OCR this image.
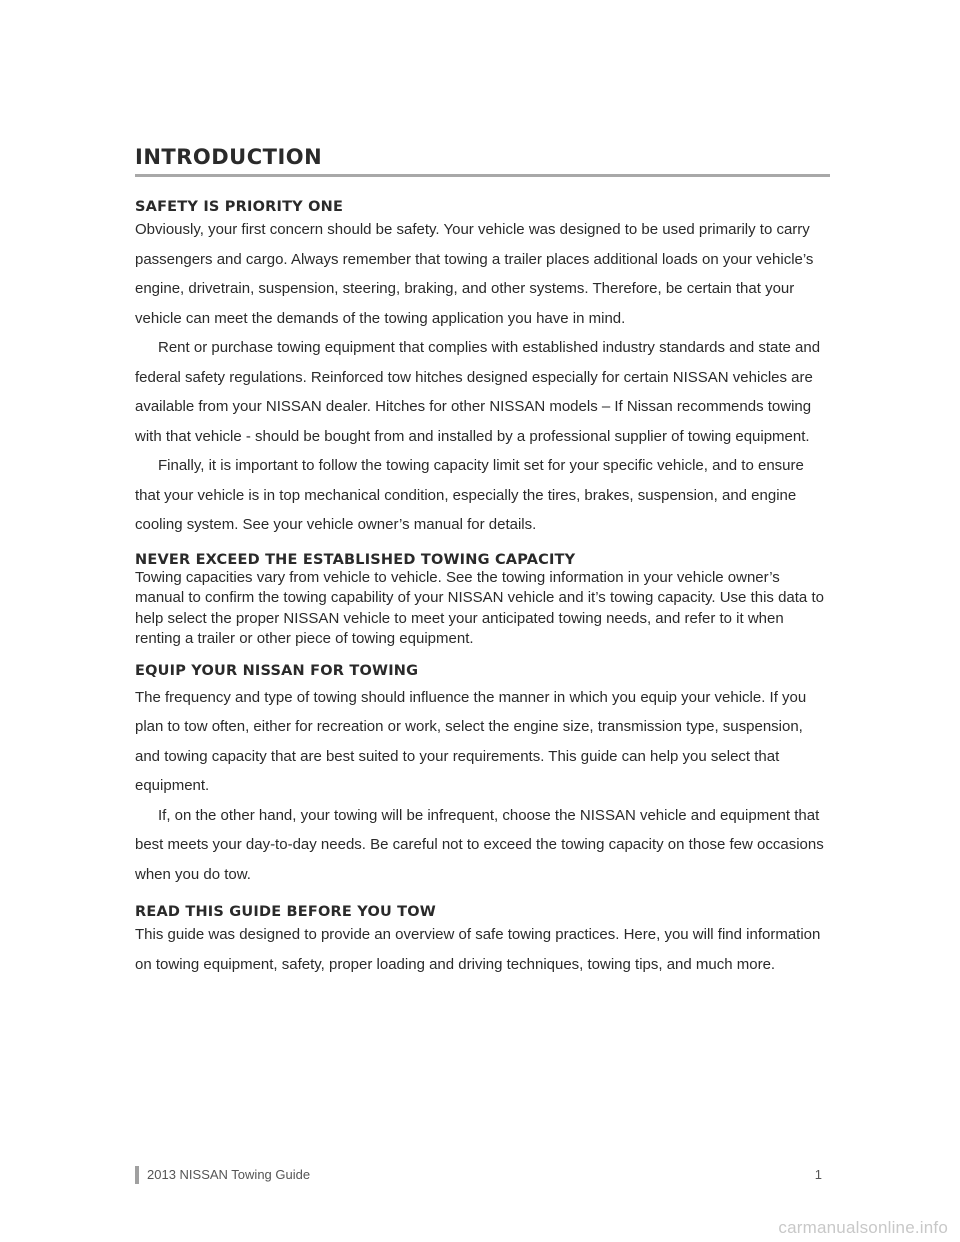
INTRODUCTION
SAFETY IS PRIORITY ONE

Obviously, your first concern should be safety. Your vehicle was designed to be used primarily to carry passengers and cargo. Always remember that towing a trailer places additional loads on your vehicle’s engine, drivetrain, suspension, steering, braking, and other systems. Therefore, be certain that your vehicle can meet the demands of the towing application you have in mind.

Rent or purchase towing equipment that complies with established industry standards and state and federal safety regulations. Reinforced tow hitches designed especially for certain NISSAN vehicles are available from your NISSAN dealer. Hitches for other NISSAN models – If Nissan recommends towing with that vehicle - should be bought from and installed by a professional supplier of towing equipment.

Finally, it is important to follow the towing capacity limit set for your specific vehicle, and to ensure that your vehicle is in top mechanical condition, especially the tires, brakes, suspension, and engine cooling system. See your vehicle owner’s manual for details.

NEVER EXCEED THE ESTABLISHED TOWING CAPACITY

Towing capacities vary from vehicle to vehicle. See the towing information in your vehicle owner’s manual to confirm the towing capability of your NISSAN vehicle and it’s towing capacity. Use this data to help select the proper NISSAN vehicle to meet your anticipated towing needs, and refer to it when renting a trailer or other piece of towing equipment.

EQUIP YOUR NISSAN FOR TOWING

The frequency and type of towing should influence the manner in which you equip your vehicle. If you plan to tow often, either for recreation or work, select the engine size, transmission type, suspension, and towing capacity that are best suited to your requirements. This guide can help you select that equipment.

If, on the other hand, your towing will be infrequent, choose the NISSAN vehicle and equipment that best meets your day-to-day needs. Be careful not to exceed the towing capacity on those few occasions when you do tow.

READ THIS GUIDE BEFORE YOU TOW

This guide was designed to provide an overview of safe towing practices. Here, you will find information on towing equipment, safety, proper loading and driving techniques, towing tips, and much more.

2013 NISSAN Towing Guide	1
carmanualsonline.info
